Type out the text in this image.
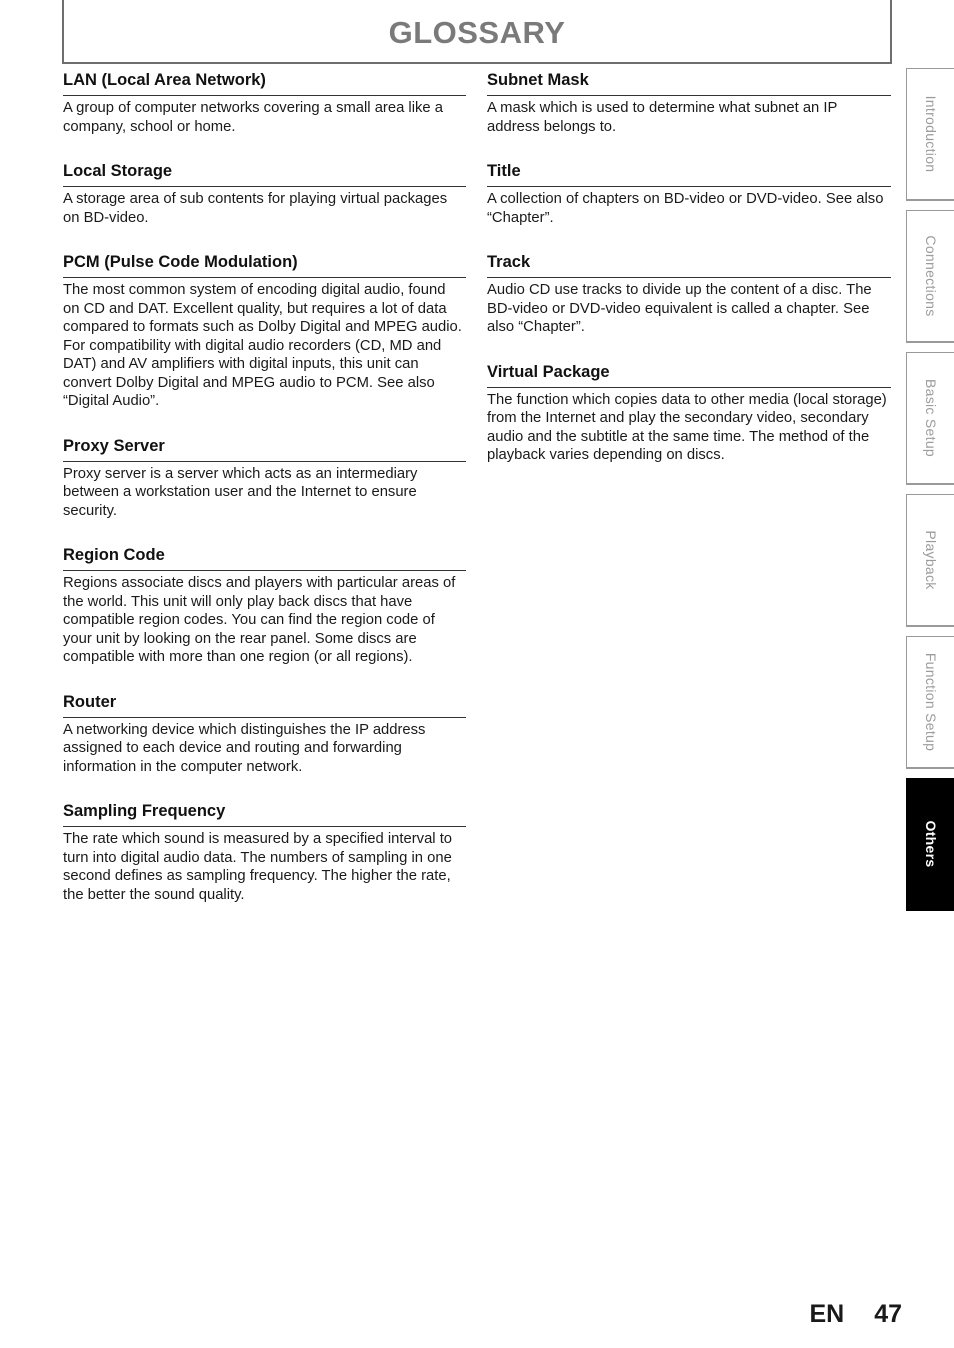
GLOSSARY
LAN (Local Area Network)
A group of computer networks covering a small area like a company, school or home.
Local Storage
A storage area of sub contents for playing virtual packages on BD-video.
PCM (Pulse Code Modulation)
The most common system of encoding digital audio, found on CD and DAT. Excellent quality, but requires a lot of data compared to formats such as Dolby Digital and MPEG audio. For compatibility with digital audio recorders (CD, MD and DAT) and AV amplifiers with digital inputs, this unit can convert Dolby Digital and MPEG audio to PCM. See also “Digital Audio”.
Proxy Server
Proxy server is a server which acts as an intermediary between a workstation user and the Internet to ensure security.
Region Code
Regions associate discs and players with particular areas of the world. This unit will only play back discs that have compatible region codes. You can find the region code of your unit by looking on the rear panel. Some discs are compatible with more than one region (or all regions).
Router
A networking device which distinguishes the IP address assigned to each device and routing and forwarding information in the computer network.
Sampling Frequency
The rate which sound is measured by a specified interval to turn into digital audio data. The numbers of sampling in one second defines as sampling frequency. The higher the rate, the better the sound quality.
Subnet Mask
A mask which is used to determine what subnet an IP address belongs to.
Title
A collection of chapters on BD-video or DVD-video. See also “Chapter”.
Track
Audio CD use tracks to divide up the content of a disc. The BD-video or DVD-video equivalent is called a chapter. See also “Chapter”.
Virtual Package
The function which copies data to other media (local storage) from the Internet and play the secondary video, secondary audio and the subtitle at the same time. The method of the playback varies depending on discs.
Introduction
Connections
Basic Setup
Playback
Function Setup
Others
EN 47
